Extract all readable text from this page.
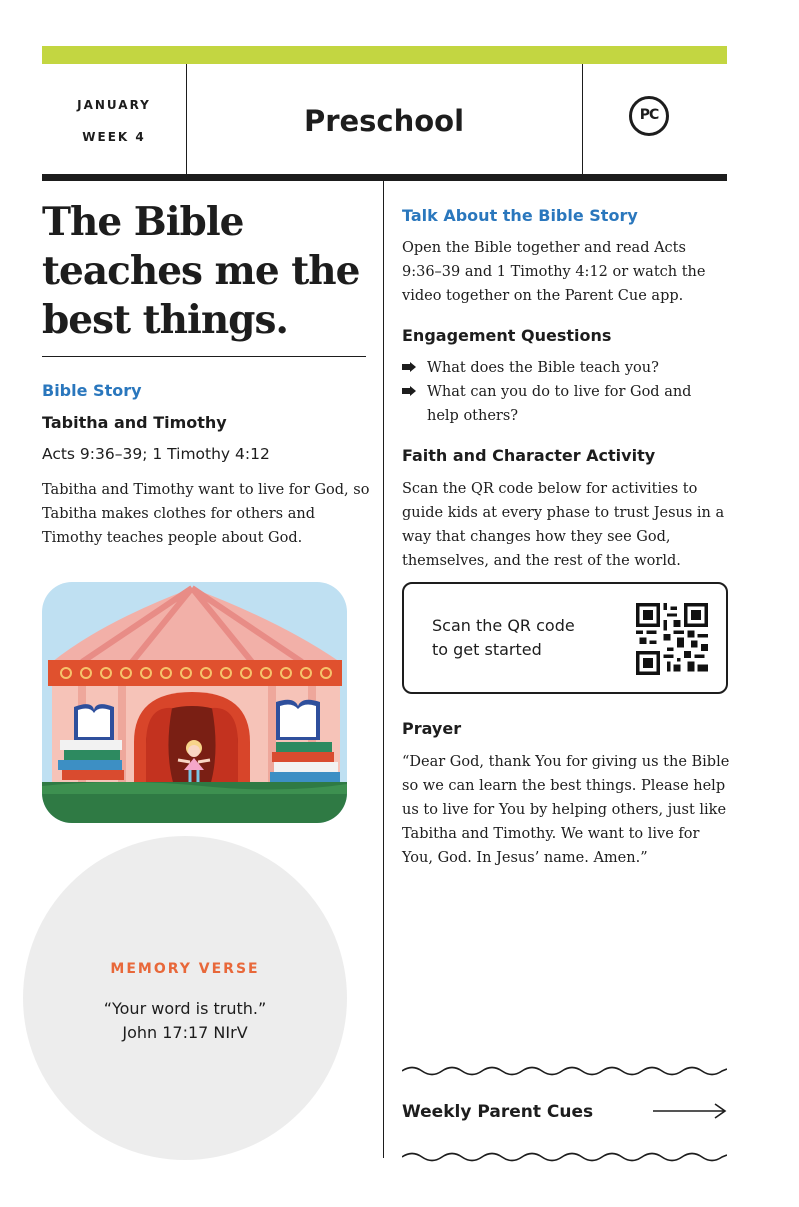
JANUARY
WEEK 4	Preschool	PC
The Bible teaches me the best things.
Bible Story
Tabitha and Timothy
Acts 9:36–39; 1 Timothy 4:12
Tabitha and Timothy want to live for God, so Tabitha makes clothes for others and Timothy teaches people about God.
MEMORY VERSE
“Your word is truth.”
John 17:17 NIrV
Talk About the Bible Story
Open the Bible together and read Acts 9:36–39 and 1 Timothy 4:12 or watch the video together on the Parent Cue app.
Engagement Questions
What does the Bible teach you?
What can you do to live for God and help others?
Faith and Character Activity
Scan the QR code below for activities to guide kids at every phase to trust Jesus in a way that changes how they see God, themselves, and the rest of the world.
Scan the QR code
to get started
Prayer
“Dear God, thank You for giving us the Bible so we can learn the best things. Please help us to live for You by helping others, just like Tabitha and Timothy. We want to live for You, God. In Jesus’ name. Amen.”
Weekly Parent Cues
